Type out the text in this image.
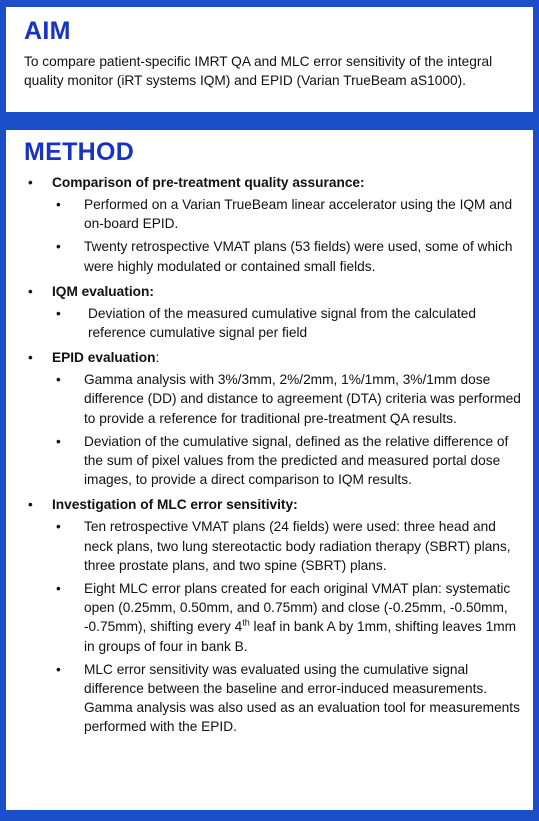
AIM

To compare patient-specific IMRT QA and MLC error sensitivity of the integral quality monitor (iRT systems IQM) and EPID (Varian TrueBeam aS1000).

METHOD
• Comparison of pre-treatment quality assurance:
• Performed on a Varian TrueBeam linear accelerator using the IQM and on-board EPID.
• Twenty retrospective VMAT plans (53 fields) were used, some of which were highly modulated or contained small fields.
• IQM evaluation:
• Deviation of the measured cumulative signal from the calculated reference cumulative signal per field
• EPID evaluation:
• Gamma analysis with 3%/3mm, 2%/2mm, 1%/1mm, 3%/1mm dose difference (DD) and distance to agreement (DTA) criteria was performed to provide a reference for traditional pre-treatment QA results.
• Deviation of the cumulative signal, defined as the relative difference of the sum of pixel values from the predicted and measured portal dose images, to provide a direct comparison to IQM results.
• Investigation of MLC error sensitivity:
• Ten retrospective VMAT plans (24 fields) were used: three head and neck plans, two lung stereotactic body radiation therapy (SBRT) plans, three prostate plans, and two spine (SBRT) plans.
• Eight MLC error plans created for each original VMAT plan: systematic open (0.25mm, 0.50mm, and 0.75mm) and close (-0.25mm, -0.50mm, -0.75mm), shifting every 4th leaf in bank A by 1mm, shifting leaves 1mm in groups of four in bank B.
• MLC error sensitivity was evaluated using the cumulative signal difference between the baseline and error-induced measurements. Gamma analysis was also used as an evaluation tool for measurements performed with the EPID.
